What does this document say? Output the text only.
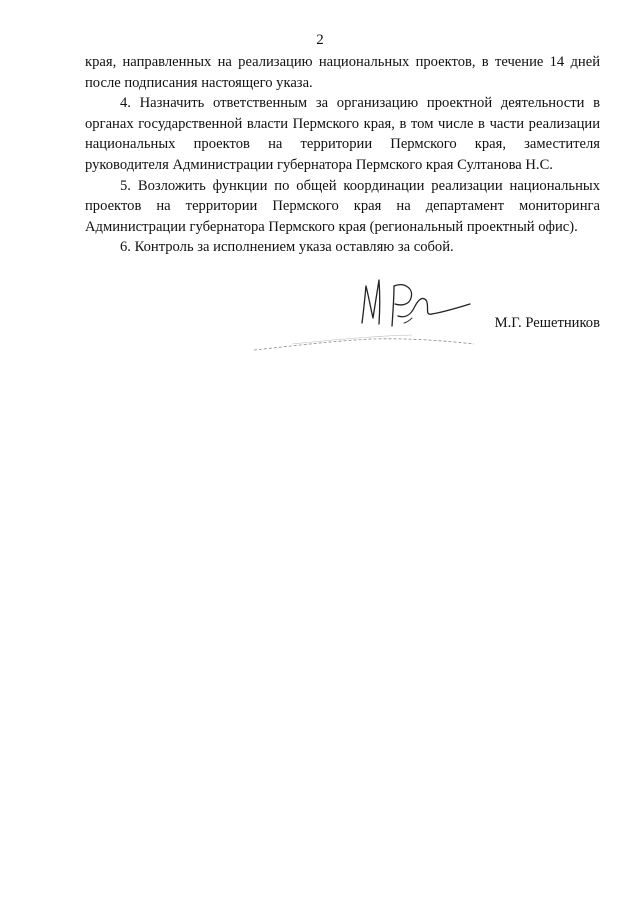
2

края, направленных на реализацию национальных проектов, в течение 14 дней после подписания настоящего указа.

4. Назначить ответственным за организацию проектной деятельности в органах государственной власти Пермского края, в том числе в части реализации национальных проектов на территории Пермского края, заместителя руководителя Администрации губернатора Пермского края Султанова Н.С.

5. Возложить функции по общей координации реализации национальных проектов на территории Пермского края на департамент мониторинга Администрации губернатора Пермского края (региональный проектный офис).

6. Контроль за исполнением указа оставляю за собой.

М.Г. Решетников
